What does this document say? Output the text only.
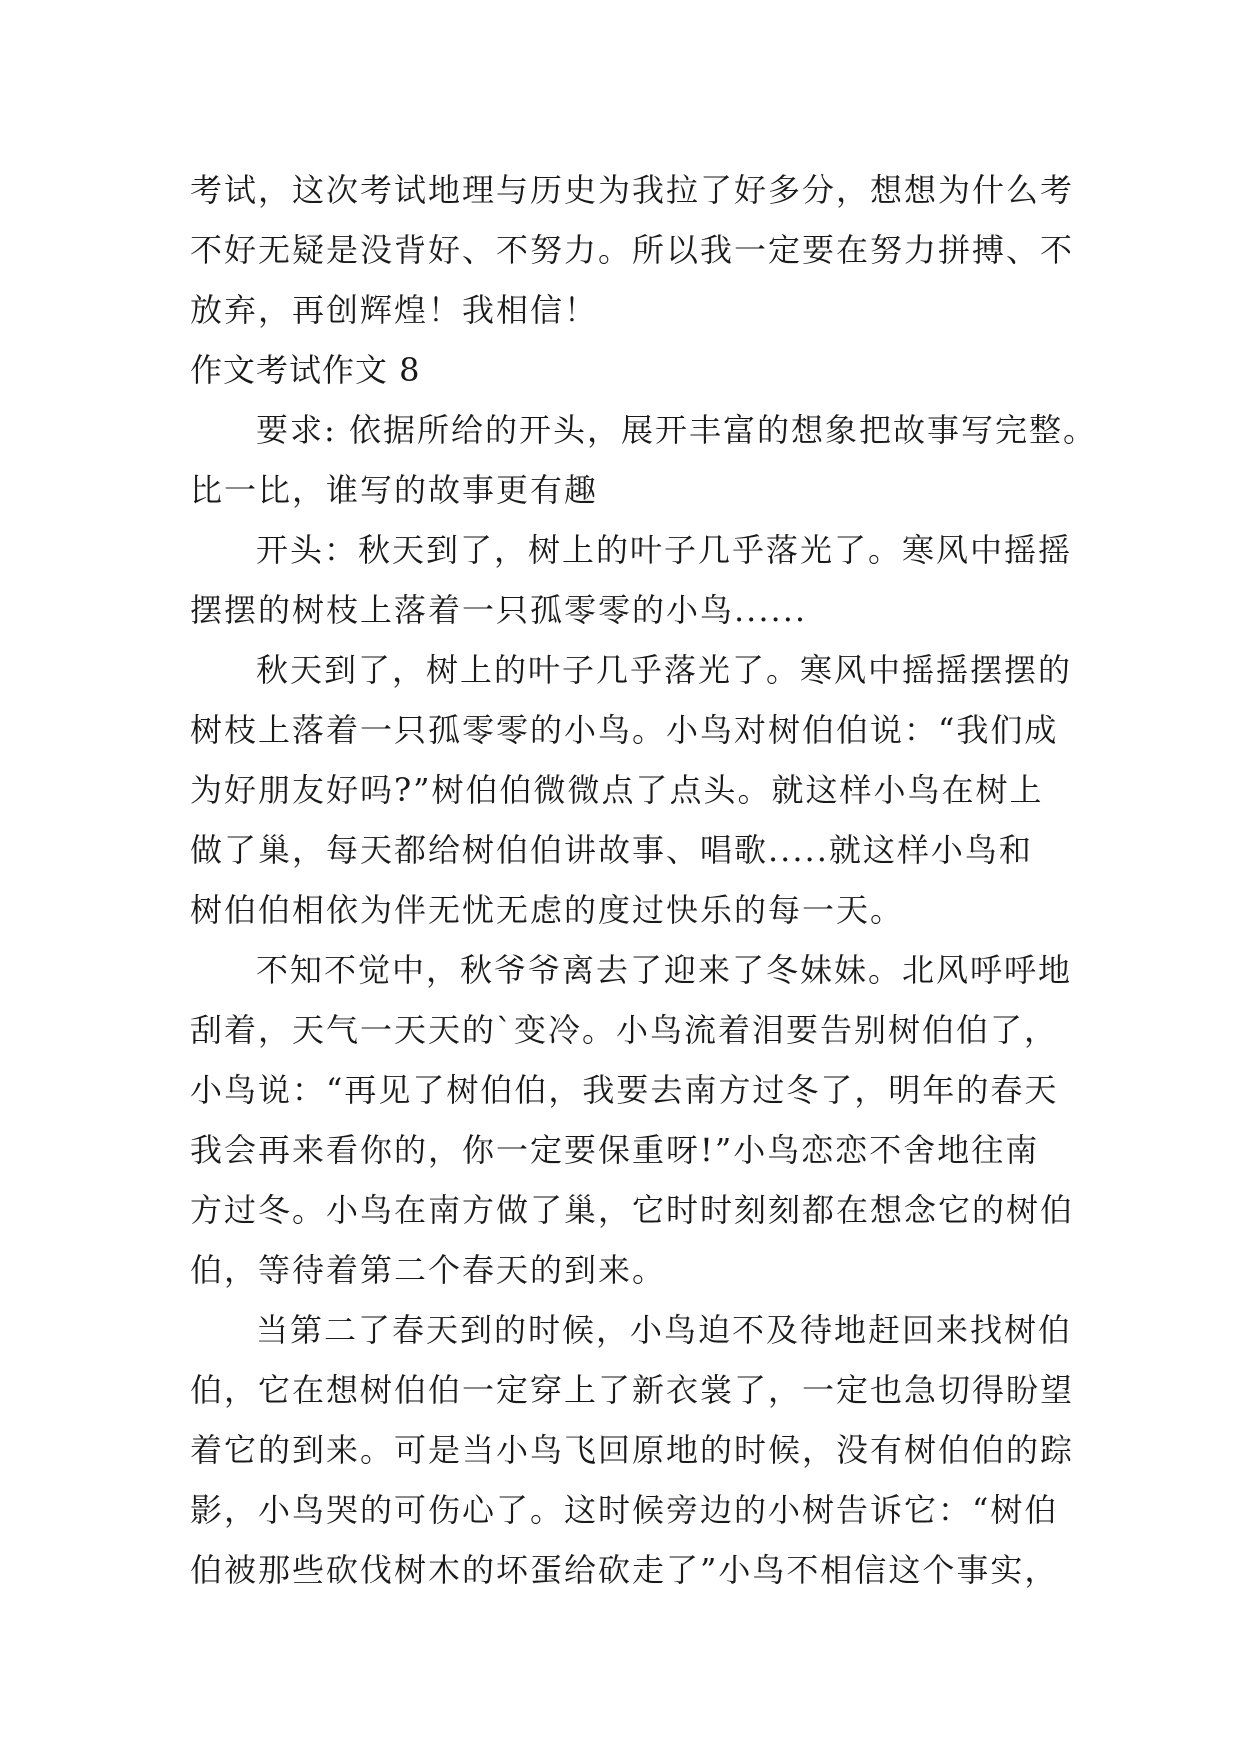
考试，这次考试地理与历史为我拉了好多分，想想为什么考
不好无疑是没背好、不努力。所以我一定要在努力拼搏、不
放弃，再创辉煌！我相信！
作文考试作文 8
要求: 依据所给的开头，展开丰富的想象把故事写完整。
比一比，谁写的故事更有趣
开头：秋天到了，树上的叶子几乎落光了。寒风中摇摇
摆摆的树枝上落着一只孤零零的小鸟......
秋天到了，树上的叶子几乎落光了。寒风中摇摇摆摆的
树枝上落着一只孤零零的小鸟。小鸟对树伯伯说：“我们成
为好朋友好吗?”树伯伯微微点了点头。就这样小鸟在树上
做了巢，每天都给树伯伯讲故事、唱歌.....就这样小鸟和
树伯伯相依为伴无忧无虑的度过快乐的每一天。
不知不觉中，秋爷爷离去了迎来了冬妹妹。北风呼呼地
刮着，天气一天天的`变冷。小鸟流着泪要告别树伯伯了，
小鸟说：“再见了树伯伯，我要去南方过冬了，明年的春天
我会再来看你的，你一定要保重呀!”小鸟恋恋不舍地往南
方过冬。小鸟在南方做了巢，它时时刻刻都在想念它的树伯
伯，等待着第二个春天的到来。
当第二了春天到的时候，小鸟迫不及待地赶回来找树伯
伯，它在想树伯伯一定穿上了新衣裳了，一定也急切得盼望
着它的到来。可是当小鸟飞回原地的时候，没有树伯伯的踪
影，小鸟哭的可伤心了。这时候旁边的小树告诉它：“树伯
伯被那些砍伐树木的坏蛋给砍走了”小鸟不相信这个事实，
